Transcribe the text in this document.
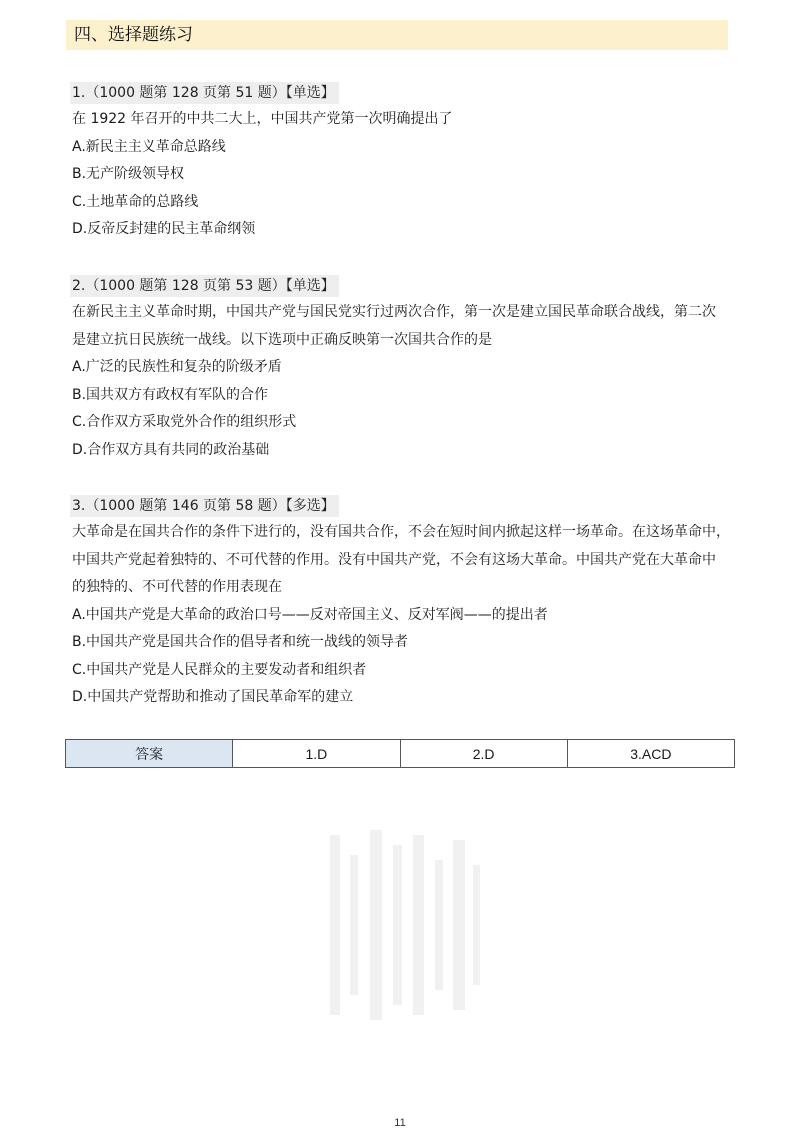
四、选择题练习
1.（1000 题第 128 页第 51 题）【单选】
在 1922 年召开的中共二大上，中国共产党第一次明确提出了
A.新民主主义革命总路线
B.无产阶级领导权
C.土地革命的总路线
D.反帝反封建的民主革命纲领
2.（1000 题第 128 页第 53 题）【单选】
在新民主主义革命时期，中国共产党与国民党实行过两次合作，第一次是建立国民革命联合战线，第二次
是建立抗日民族统一战线。以下选项中正确反映第一次国共合作的是
A.广泛的民族性和复杂的阶级矛盾
B.国共双方有政权有军队的合作
C.合作双方采取党外合作的组织形式
D.合作双方具有共同的政治基础
3.（1000 题第 146 页第 58 题）【多选】
大革命是在国共合作的条件下进行的，没有国共合作，不会在短时间内掀起这样一场革命。在这场革命中，
中国共产党起着独特的、不可代替的作用。没有中国共产党，不会有这场大革命。中国共产党在大革命中
的独特的、不可代替的作用表现在
A.中国共产党是大革命的政治口号——反对帝国主义、反对军阀——的提出者
B.中国共产党是国共合作的倡导者和统一战线的领导者
C.中国共产党是人民群众的主要发动者和组织者
D.中国共产党帮助和推动了国民革命军的建立
答案	1.D	2.D	3.ACD
11
